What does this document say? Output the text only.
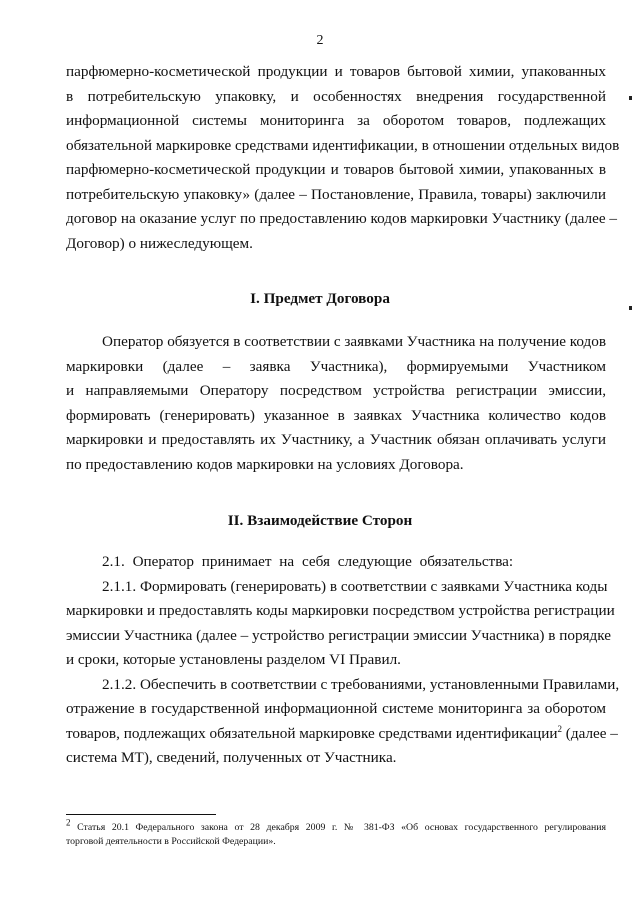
2
парфюмерно-косметической продукции и товаров бытовой химии, упакованных
в потребительскую упаковку, и особенностях внедрения государственной
информационной системы мониторинга за оборотом товаров, подлежащих
обязательной маркировке средствами идентификации, в отношении отдельных видов
парфюмерно-косметической продукции и товаров бытовой химии, упакованных в
потребительскую упаковку» (далее – Постановление, Правила, товары) заключили
договор на оказание услуг по предоставлению кодов маркировки Участнику (далее –
Договор) о нижеследующем.
I. Предмет Договора
Оператор обязуется в соответствии с заявками Участника на получение кодов
маркировки (далее – заявка Участника), формируемыми Участником
и направляемыми Оператору посредством устройства регистрации эмиссии,
формировать (генерировать) указанное в заявках Участника количество кодов
маркировки и предоставлять их Участнику, а Участник обязан оплачивать услуги
по предоставлению кодов маркировки на условиях Договора.
II. Взаимодействие Сторон
2.1. Оператор принимает на себя следующие обязательства:
2.1.1. Формировать (генерировать) в соответствии с заявками Участника коды
маркировки и предоставлять коды маркировки посредством устройства регистрации
эмиссии Участника (далее – устройство регистрации эмиссии Участника) в порядке
и сроки, которые установлены разделом VI Правил.
2.1.2. Обеспечить в соответствии с требованиями, установленными Правилами,
отражение в государственной информационной системе мониторинга за оборотом
товаров, подлежащих обязательной маркировке средствами идентификации$^2$ (далее –
система МТ), сведений, полученных от Участника.
$^2$ Статья 20.1 Федерального закона от 28 декабря 2009 г. № 381-ФЗ «Об основах государственного регулирования
торговой деятельности в Российской Федерации».
